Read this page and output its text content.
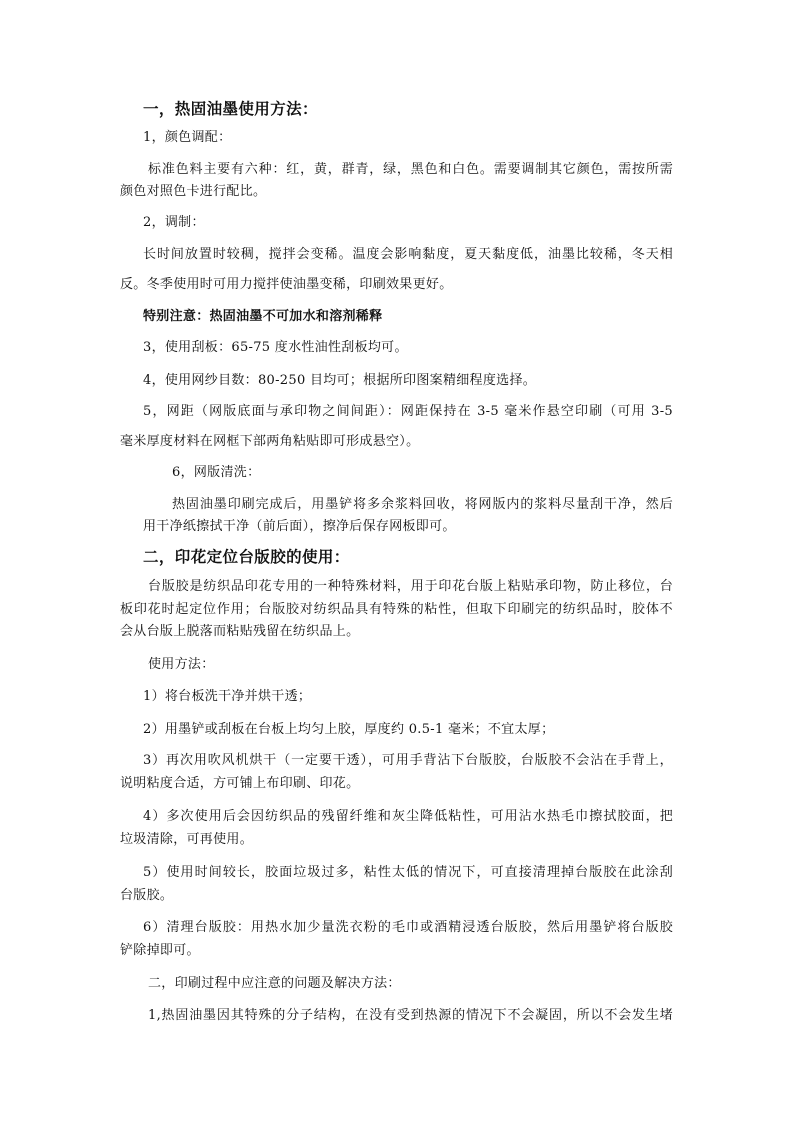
一，热固油墨使用方法：

1，颜色调配：

标准色料主要有六种：红，黄，群青，绿，黑色和白色。需要调制其它颜色，需按所需

颜色对照色卡进行配比。

2，调制：

长时间放置时较稠，搅拌会变稀。温度会影响黏度，夏天黏度低，油墨比较稀，冬天相

反。冬季使用时可用力搅拌使油墨变稀，印刷效果更好。

特别注意：热固油墨不可加水和溶剂稀释

3，使用刮板：65-75 度水性油性刮板均可。

4，使用网纱目数：80-250 目均可；根据所印图案精细程度选择。

5，网距（网版底面与承印物之间间距）：网距保持在 3-5 毫米作悬空印刷（可用 3-5

毫米厚度材料在网框下部两角粘贴即可形成悬空）。

6，网版清洗：

热固油墨印刷完成后，用墨铲将多余浆料回收，将网版内的浆料尽量刮干净，然后

用干净纸擦拭干净（前后面），擦净后保存网板即可。

二，印花定位台版胶的使用：

台版胶是纺织品印花专用的一种特殊材料，用于印花台版上粘贴承印物，防止移位，台

板印花时起定位作用；台版胶对纺织品具有特殊的粘性，但取下印刷完的纺织品时，胶体不

会从台版上脱落而粘贴残留在纺织品上。

使用方法：

1）将台板洗干净并烘干透；

2）用墨铲或刮板在台板上均匀上胶，厚度约 0.5-1 毫米；不宜太厚；

3）再次用吹风机烘干（一定要干透），可用手背沾下台版胶，台版胶不会沾在手背上，

说明粘度合适，方可铺上布印刷、印花。

4）多次使用后会因纺织品的残留纤维和灰尘降低粘性，可用沾水热毛巾擦拭胶面，把

垃圾清除，可再使用。

5）使用时间较长，胶面垃圾过多，粘性太低的情况下，可直接清理掉台版胶在此涂刮

台版胶。

6）清理台版胶：用热水加少量洗衣粉的毛巾或酒精浸透台版胶，然后用墨铲将台版胶

铲除掉即可。

二，印刷过程中应注意的问题及解决方法：

1,热固油墨因其特殊的分子结构，在没有受到热源的情况下不会凝固，所以不会发生堵
